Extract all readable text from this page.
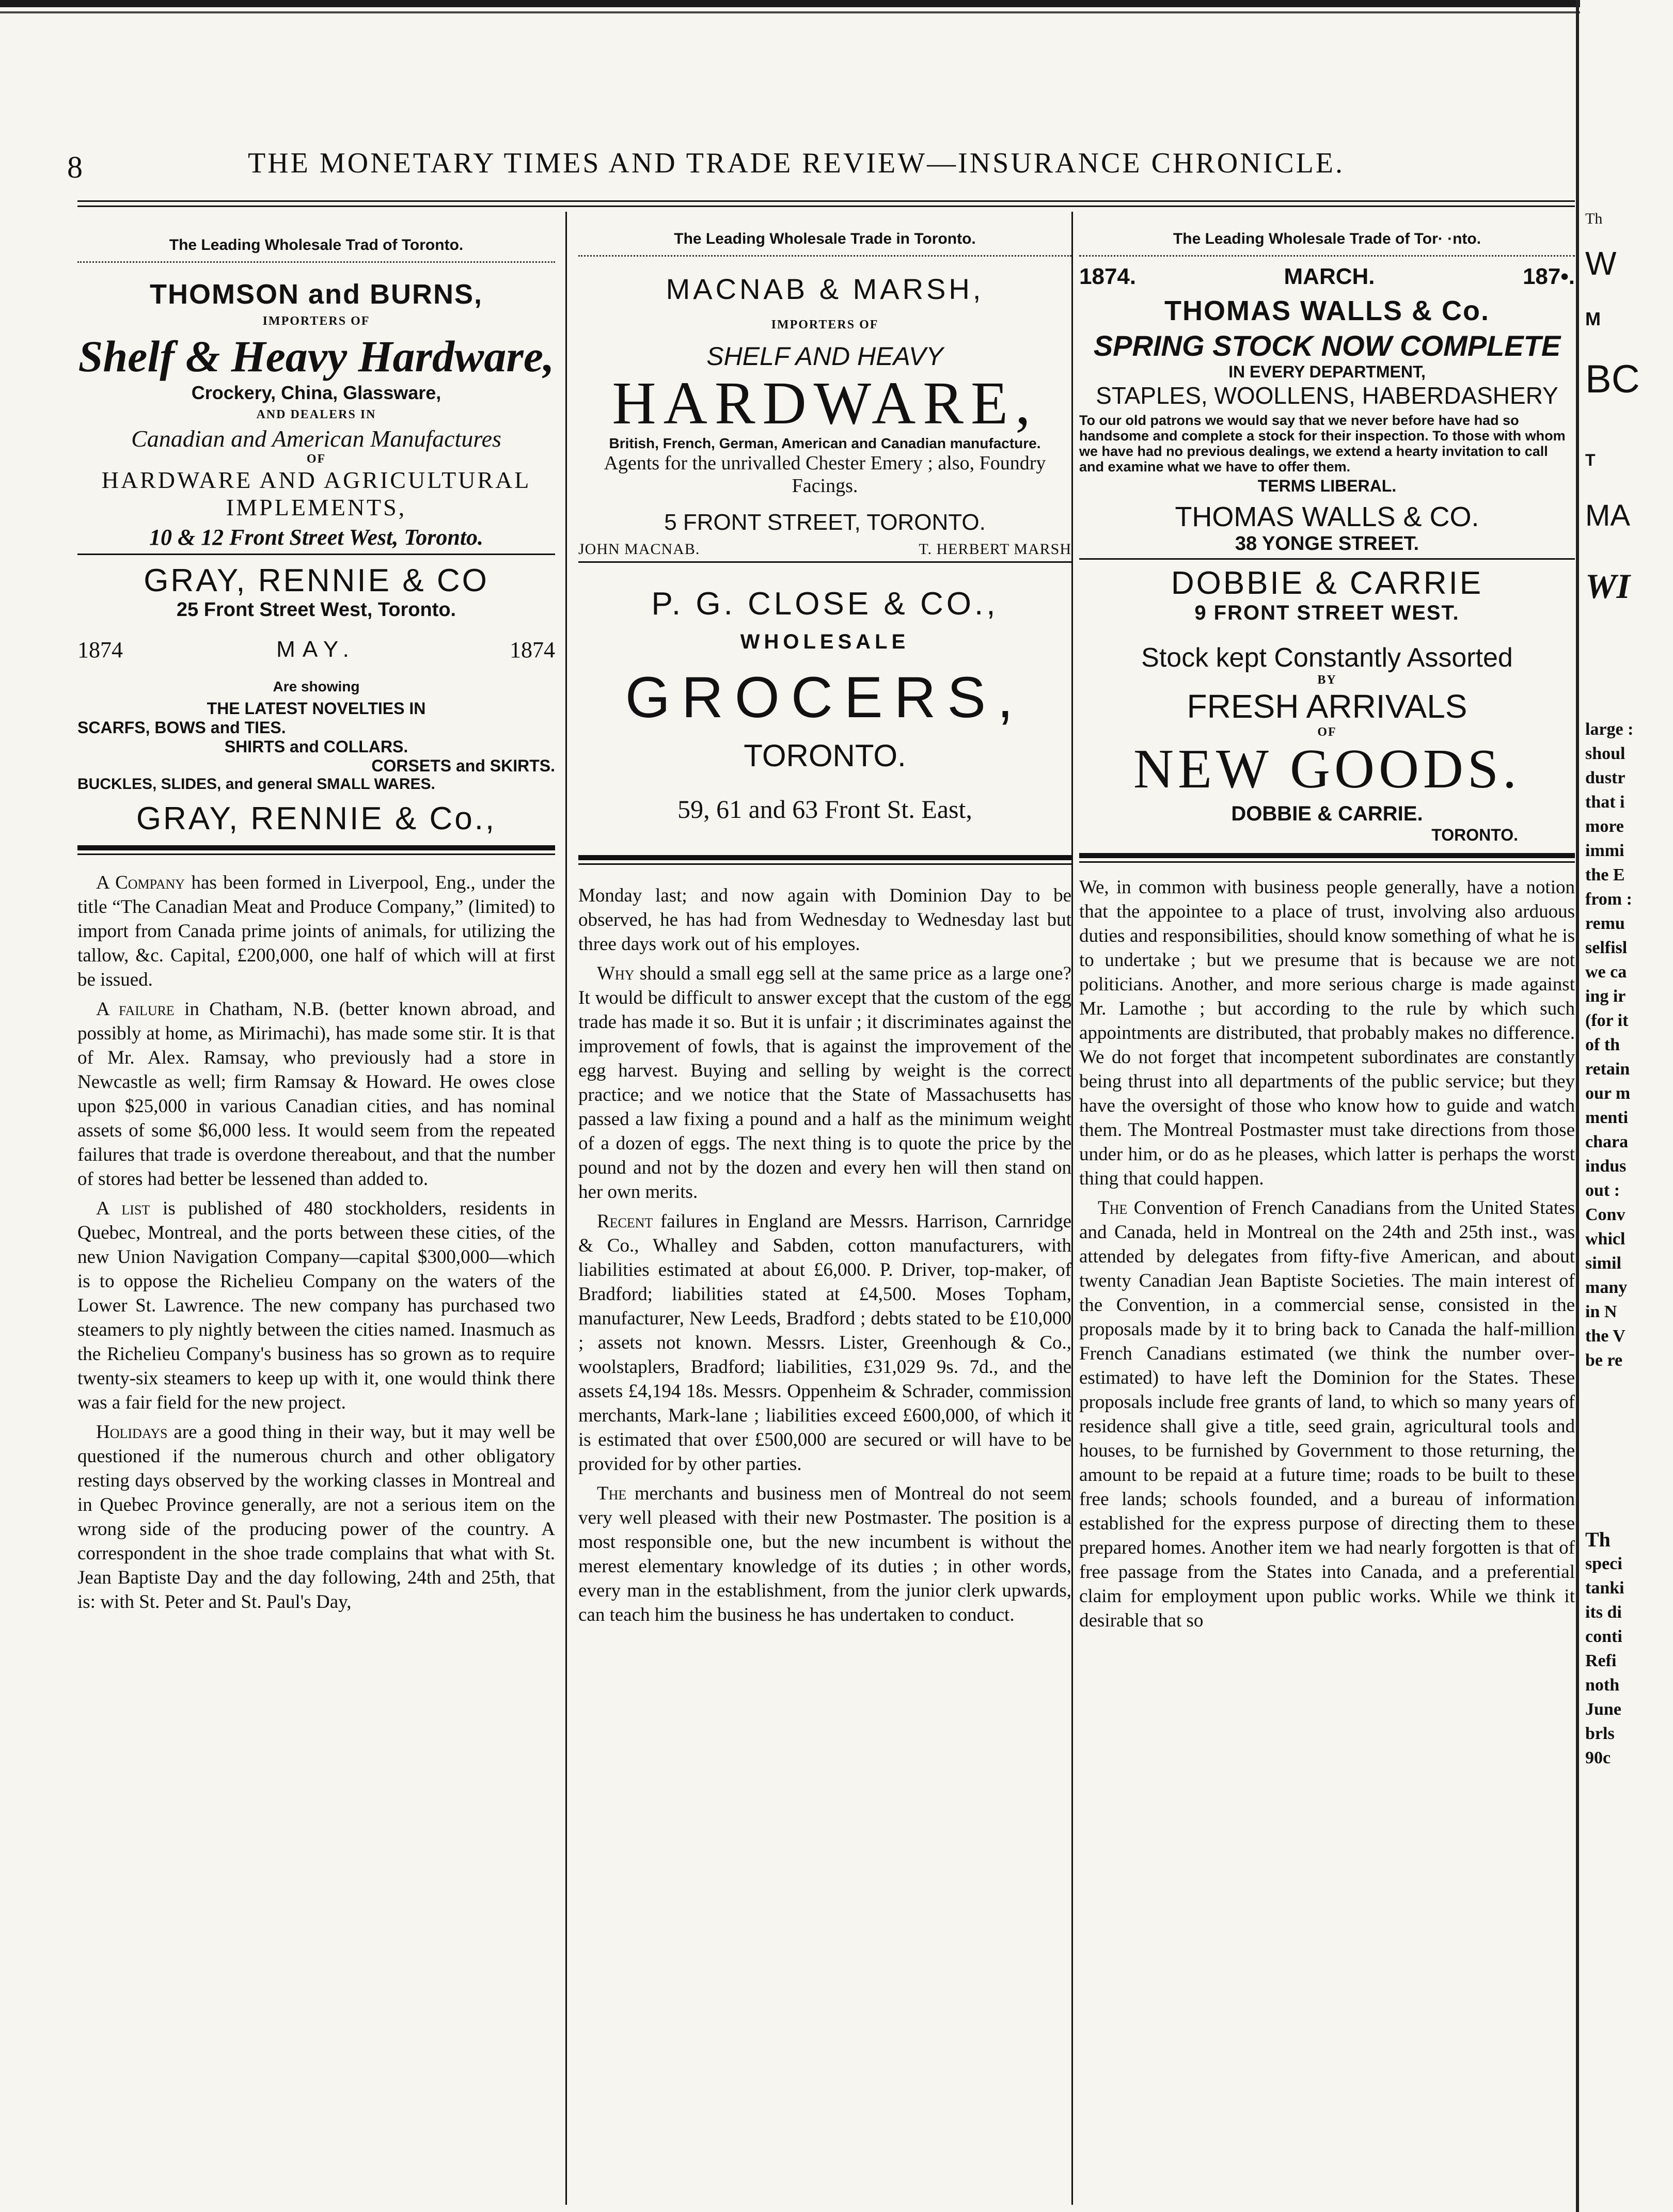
8	THE MONETARY TIMES AND TRADE REVIEW—INSURANCE CHRONICLE.
The Leading Wholesale Trad of Toronto.
THOMSON and BURNS,
IMPORTERS OF
Shelf & Heavy Hardware,
Crockery, China, Glassware,
AND DEALERS IN
Canadian and American Manufactures
OF
HARDWARE AND AGRICULTURAL
IMPLEMENTS,
10 & 12 Front Street West, Toronto.
GRAY, RENNIE & CO
25 Front Street West, Toronto.
1874	MAY.	1874
Are showing
THE LATEST NOVELTIES IN
SCARFS, BOWS and TIES.
SHIRTS and COLLARS.
CORSETS and SKIRTS.
BUCKLES, SLIDES, and general SMALL WARES.
GRAY, RENNIE & Co.,

A Company has been formed in Liverpool, Eng., under the title “The Canadian Meat and Produce Company,” (limited) to import from Canada prime joints of animals, for utilizing the tallow, &c. Capital, £200,000, one half of which will at first be issued.

A failure in Chatham, N.B. (better known abroad, and possibly at home, as Mirimachi), has made some stir. It is that of Mr. Alex. Ramsay, who previously had a store in Newcastle as well; firm Ramsay & Howard. He owes close upon $25,000 in various Canadian cities, and has nominal assets of some $6,000 less. It would seem from the repeated failures that trade is overdone thereabout, and that the number of stores had better be lessened than added to.

A list is published of 480 stockholders, residents in Quebec, Montreal, and the ports between these cities, of the new Union Navigation Company—capital $300,000—which is to oppose the Richelieu Company on the waters of the Lower St. Lawrence. The new company has purchased two steamers to ply nightly between the cities named. Inasmuch as the Richelieu Company's business has so grown as to require twenty-six steamers to keep up with it, one would think there was a fair field for the new project.

Holidays are a good thing in their way, but it may well be questioned if the numerous church and other obligatory resting days observed by the working classes in Montreal and in Quebec Province generally, are not a serious item on the wrong side of the producing power of the country. A correspondent in the shoe trade complains that what with St. Jean Baptiste Day and the day following, 24th and 25th, that is: with St. Peter and St. Paul's Day,

The Leading Wholesale Trade in Toronto.
MACNAB & MARSH,
IMPORTERS OF
SHELF AND HEAVY
HARDWARE,
British, French, German, American and Canadian manufacture.
Agents for the unrivalled Chester Emery ; also, Foundry Facings.
5 FRONT STREET, TORONTO.
JOHN MACNAB.	T. HERBERT MARSH
P. G. CLOSE & CO.,
WHOLESALE
GROCERS,
TORONTO.
59, 61 and 63 Front St. East,

Monday last; and now again with Dominion Day to be observed, he has had from Wednesday to Wednesday last but three days work out of his employes.

Why should a small egg sell at the same price as a large one? It would be difficult to answer except that the custom of the egg trade has made it so. But it is unfair ; it discriminates against the improvement of fowls, that is against the improvement of the egg harvest. Buying and selling by weight is the correct practice; and we notice that the State of Massachusetts has passed a law fixing a pound and a half as the minimum weight of a dozen of eggs. The next thing is to quote the price by the pound and not by the dozen and every hen will then stand on her own merits.

Recent failures in England are Messrs. Harrison, Carnridge & Co., Whalley and Sabden, cotton manufacturers, with liabilities estimated at about £6,000. P. Driver, top-maker, of Bradford; liabilities stated at £4,500. Moses Topham, manufacturer, New Leeds, Bradford ; debts stated to be £10,000 ; assets not known. Messrs. Lister, Greenhough & Co., woolstaplers, Bradford; liabilities, £31,029 9s. 7d., and the assets £4,194 18s. Messrs. Oppenheim & Schrader, commission merchants, Mark-lane ; liabilities exceed £600,000, of which it is estimated that over £500,000 are secured or will have to be provided for by other parties.

The merchants and business men of Montreal do not seem very well pleased with their new Postmaster. The position is a most responsible one, but the new incumbent is without the merest elementary knowledge of its duties ; in other words, every man in the establishment, from the junior clerk upwards, can teach him the business he has undertaken to conduct.

The Leading Wholesale Trade of Tor· ·nto.
1874.	MARCH.	187•.
THOMAS WALLS & Co.
SPRING STOCK NOW COMPLETE
IN EVERY DEPARTMENT,
STAPLES, WOOLLENS, HABERDASHERY
To our old patrons we would say that we never before have had so handsome and complete a stock for their inspection. To those with whom we have had no previous dealings, we extend a hearty invitation to call and examine what we have to offer them.
TERMS LIBERAL.
THOMAS WALLS & CO.
38 YONGE STREET.
DOBBIE & CARRIE
9 FRONT STREET WEST.
Stock kept Constantly Assorted
BY
FRESH ARRIVALS
OF
NEW GOODS.
DOBBIE & CARRIE.
TORONTO.

We, in common with business people generally, have a notion that the appointee to a place of trust, involving also arduous duties and responsibilities, should know something of what he is to undertake ; but we presume that is because we are not politicians. Another, and more serious charge is made against Mr. Lamothe ; but according to the rule by which such appointments are distributed, that probably makes no difference. We do not forget that incompetent subordinates are constantly being thrust into all departments of the public service; but they have the oversight of those who know how to guide and watch them. The Montreal Postmaster must take directions from those under him, or do as he pleases, which latter is perhaps the worst thing that could happen.

The Convention of French Canadians from the United States and Canada, held in Montreal on the 24th and 25th inst., was attended by delegates from fifty-five American, and about twenty Canadian Jean Baptiste Societies. The main interest of the Convention, in a commercial sense, consisted in the proposals made by it to bring back to Canada the half-million French Canadians estimated (we think the number over-estimated) to have left the Dominion for the States. These proposals include free grants of land, to which so many years of residence shall give a title, seed grain, agricultural tools and houses, to be furnished by Government to those returning, the amount to be repaid at a future time; roads to be built to these free lands; schools founded, and a bureau of information established for the express purpose of directing them to these prepared homes. Another item we had nearly forgotten is that of free passage from the States into Canada, and a preferential claim for employment upon public works. While we think it desirable that so

Th
W
M
BC
T
MA
WI
large :
shoul
dustr
that i
more
immi
the E
from :
remu
selfisl
we ca
ing ir
(for it
of th
retain
our m
menti
chara
indus
out :
Conv
whicl
simil
many
in N
the V
be re
Th
speci
tanki
its di
conti
Refi
noth
June
brls
90c
